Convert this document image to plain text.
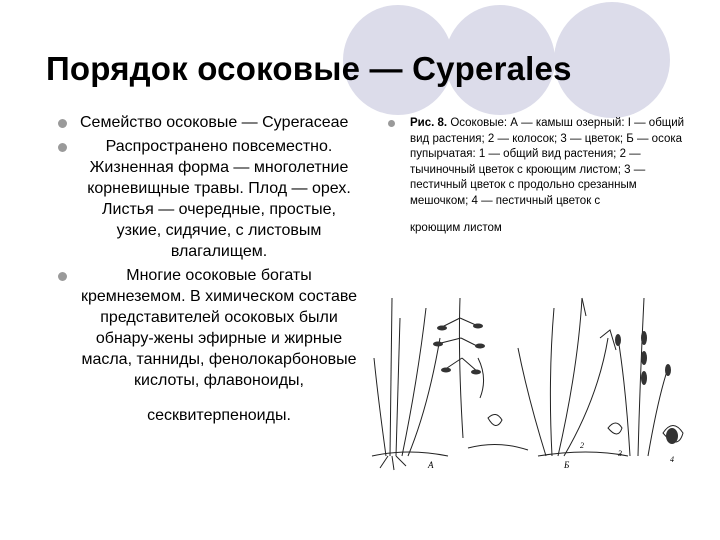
Порядок осоковые — Cyperales
Семейство осоковые — Cyperaceae
Распространено повсеместно. Жизненная форма — многолетние корневищные травы. Плод — орех. Листья — очередные, простые, узкие, сидячие, с листовым влагалищем.
Многие осоковые богаты кремнеземом. В химическом составе представителей осоковых были обнару-жены эфирные и жирные масла, танниды, фенолокарбоновые кислоты, флавоноиды,
сесквитерпеноиды.
Рис. 8. Осоковые: А — камыш озерный: I — общий вид растения; 2 — колосок; 3 — цветок; Б — осока пупырчатая: 1 — общий вид растения; 2 —тычиночный цветок с кроющим листом; 3 — пестичный цветок с продольно срезанным мешочком; 4 — пестичный цветок с
кроющим листом
А	Б
2
3
4
